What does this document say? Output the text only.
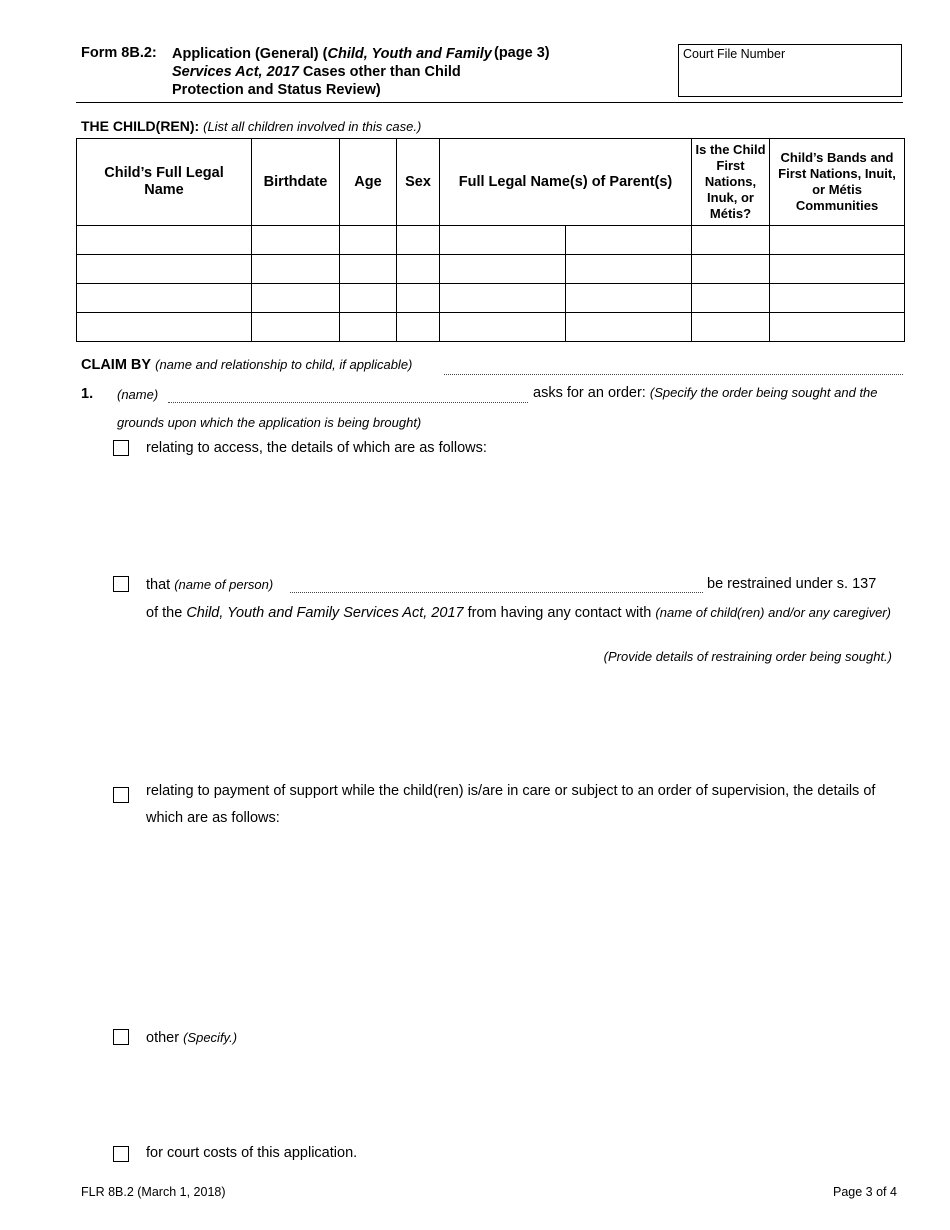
Form 8B.2: Application (General) (Child, Youth and Family Services Act, 2017 Cases other than Child Protection and Status Review)
(page 3)	Court File Number
THE CHILD(REN): (List all children involved in this case.)
Child’s Full Legal Name	Birthdate	Age	Sex	Full Legal Name(s) of Parent(s)		Is the Child First Nations, Inuk, or Métis?	Child’s Bands and First Nations, Inuit, or Métis Communities

CLAIM BY (name and relationship to child, if applicable)
1. (name)	asks for an order: (Specify the order being sought and the
grounds upon which the application is being brought)
relating to access, the details of which are as follows:
that (name of person)	be restrained under s. 137
of the Child, Youth and Family Services Act, 2017 from having any contact with (name of child(ren) and/or any caregiver)
(Provide details of restraining order being sought.)
relating to payment of support while the child(ren) is/are in care or subject to an order of supervision, the details of which are as follows:
other (Specify.)
for court costs of this application.
FLR 8B.2 (March 1, 2018)	Page 3 of 4
